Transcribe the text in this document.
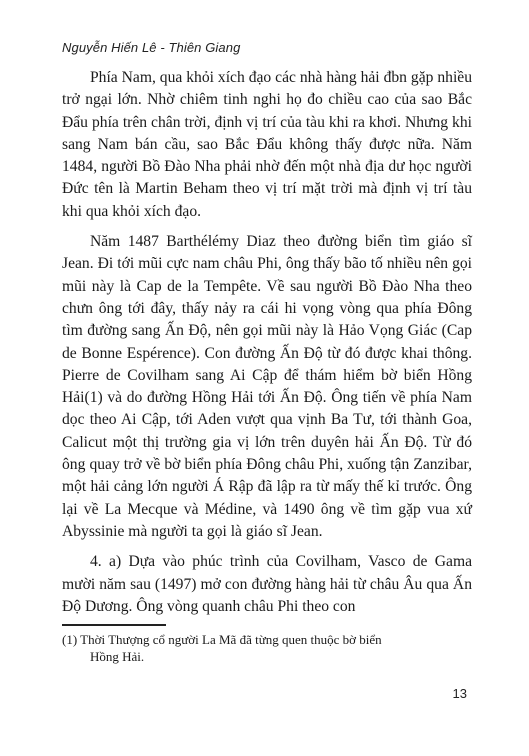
Nguyễn Hiến Lê - Thiên Giang

Phía Nam, qua khỏi xích đạo các nhà hàng hải đbn gặp nhiều trở ngại lớn. Nhờ chiêm tinh nghi họ đo chiều cao của sao Bắc Đẩu phía trên chân trời, định vị trí của tàu khi ra khơi. Nhưng khi sang Nam bán cầu, sao Bắc Đẩu không thấy được nữa. Năm 1484, người Bồ Đào Nha phải nhờ đến một nhà địa dư học người Đức tên là Martin Beham theo vị trí mặt trời mà định vị trí tàu khi qua khỏi xích đạo.

Năm 1487 Barthélémy Diaz theo đường biển tìm giáo sĩ Jean. Đi tới mũi cực nam châu Phi, ông thấy bão tố nhiều nên gọi mũi này là Cap de la Tempête. Về sau người Bồ Đào Nha theo chưn ông tới đây, thấy nảy ra cái hi vọng vòng qua phía Đông tìm đường sang Ấn Độ, nên gọi mũi này là Hảo Vọng Giác (Cap de Bonne Espérence). Con đường Ấn Độ từ đó được khai thông. Pierre de Covilham sang Ai Cập để thám hiểm bờ biển Hồng Hải(1) và do đường Hồng Hải tới Ấn Độ. Ông tiến về phía Nam dọc theo Ai Cập, tới Aden vượt qua vịnh Ba Tư, tới thành Goa, Calicut một thị trường gia vị lớn trên duyên hải Ấn Độ. Từ đó ông quay trở về bờ biển phía Đông châu Phi, xuống tận Zanzibar, một hải cảng lớn người Á Rập đã lập ra từ mấy thế kỉ trước. Ông lại về La Mecque và Médine, và 1490 ông về tìm gặp vua xứ Abyssinie mà người ta gọi là giáo sĩ Jean.

4. a) Dựa vào phúc trình của Covilham, Vasco de Gama mười năm sau (1497) mở con đường hàng hải từ châu Âu qua Ấn Độ Dương. Ông vòng quanh châu Phi theo con

(1) Thời Thượng cổ người La Mã đã từng quen thuộc bờ biển
Hồng Hải.
13
